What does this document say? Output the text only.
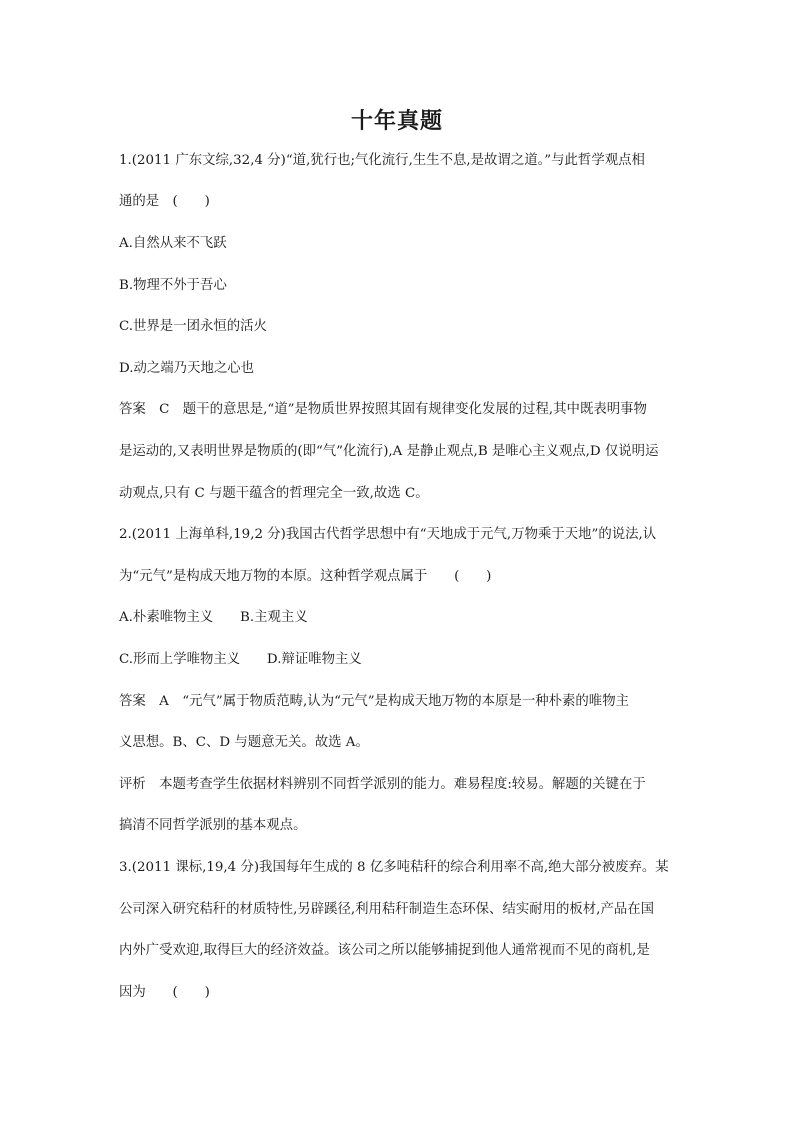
十年真题
1.(2011 广东文综,32,4 分)“道,犹行也;气化流行,生生不息,是故谓之道。”与此哲学观点相
通的是　(　　)
A.自然从来不飞跃
B.物理不外于吾心
C.世界是一团永恒的活火
D.动之端乃天地之心也
答案　C　题干的意思是,“道”是物质世界按照其固有规律变化发展的过程,其中既表明事物
是运动的,又表明世界是物质的(即“气”化流行),A 是静止观点,B 是唯心主义观点,D 仅说明运
动观点,只有 C 与题干蕴含的哲理完全一致,故选 C。
2.(2011 上海单科,19,2 分)我国古代哲学思想中有“天地成于元气,万物乘于天地”的说法,认
为“元气”是构成天地万物的本原。这种哲学观点属于　　(　　)
A.朴素唯物主义　　B.主观主义
C.形而上学唯物主义　　D.辩证唯物主义
答案　A　“元气”属于物质范畴,认为“元气”是构成天地万物的本原是一种朴素的唯物主
义思想。B、C、D 与题意无关。故选 A。
评析　本题考查学生依据材料辨别不同哲学派别的能力。难易程度:较易。解题的关键在于
搞清不同哲学派别的基本观点。
3.(2011 课标,19,4 分)我国每年生成的 8 亿多吨秸秆的综合利用率不高,绝大部分被废弃。某
公司深入研究秸秆的材质特性,另辟蹊径,利用秸秆制造生态环保、结实耐用的板材,产品在国
内外广受欢迎,取得巨大的经济效益。该公司之所以能够捕捉到他人通常视而不见的商机,是
因为　　(　　)
